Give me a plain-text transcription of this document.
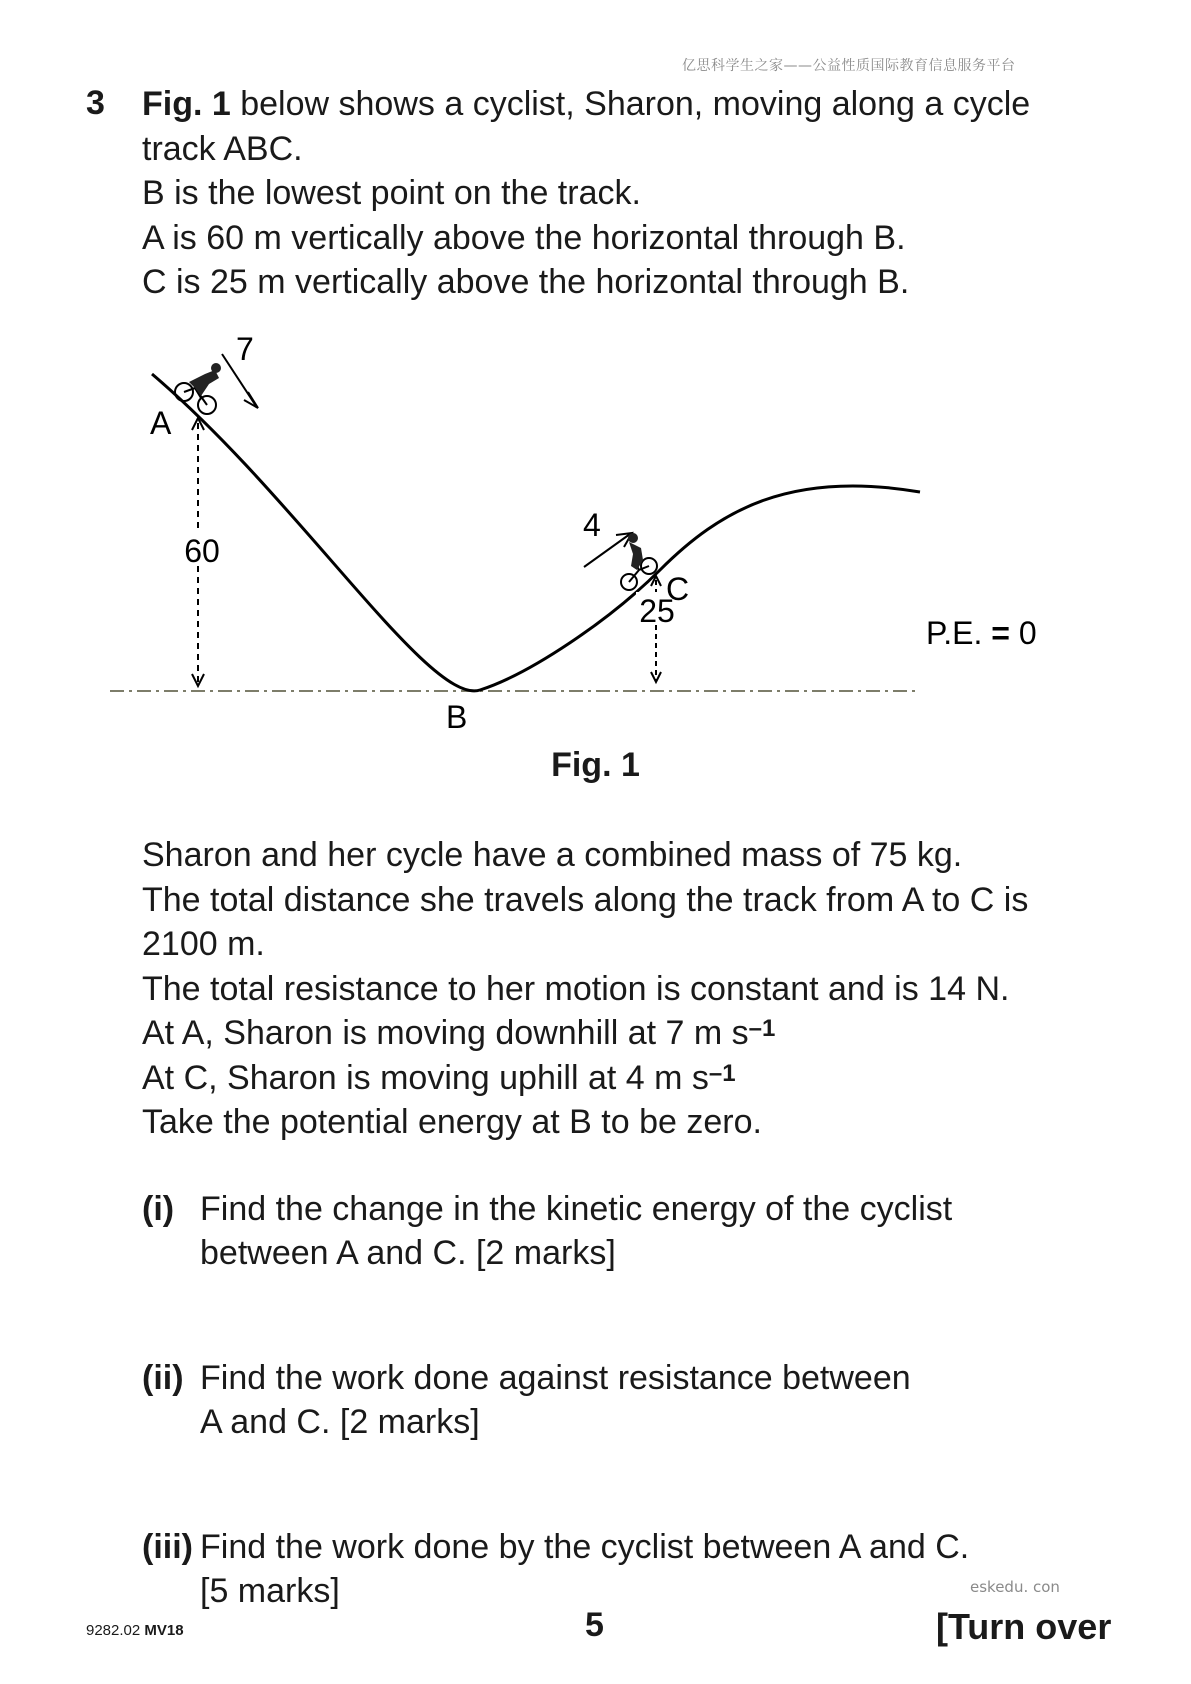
亿思科学生之家——公益性质国际教育信息服务平台
3 Fig. 1 below shows a cyclist, Sharon, moving along a cycle
track ABC.
B is the lowest point on the track.
A is 60 m vertically above the horizontal through B.
C is 25 m vertically above the horizontal through B.
60
25
A
B
C
7
4
P.E. = 0
Fig. 1
Sharon and her cycle have a combined mass of 75 kg.
The total distance she travels along the track from A to C is
2100 m.
The total resistance to her motion is constant and is 14 N.
At A, Sharon is moving downhill at 7 m $s^{-1}$
At C, Sharon is moving uphill at 4 m $s^{-1}$
Take the potential energy at B to be zero.
(i) Find the change in the kinetic energy of the cyclist
between A and C. [2 marks]
(ii) Find the work done against resistance between
A and C. [2 marks]
(iii) Find the work done by the cyclist between A and C.
[5 marks]	eskedu. con
9282.02 MV18	5	[Turn over
